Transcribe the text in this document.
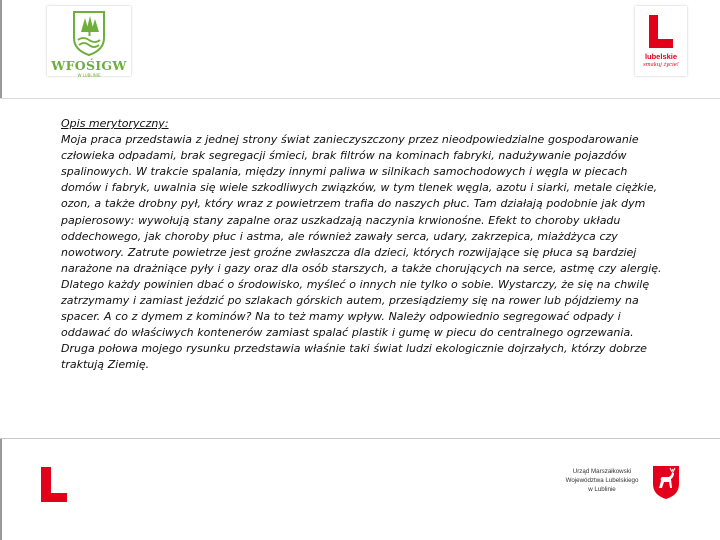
WFOŚIGW
W LUBLINIE
lubelskie
smakuj życie!
Opis merytoryczny:
Moja praca przedstawia z jednej strony świat zanieczyszczony przez nieodpowiedzialne gospodarowanie człowieka odpadami, brak segregacji śmieci, brak filtrów na kominach fabryki, nadużywanie pojazdów spalinowych. W trakcie spalania, między innymi paliwa w silnikach samochodowych i węgla w piecach domów i fabryk, uwalnia się wiele szkodliwych związków, w tym tlenek węgla, azotu i siarki, metale ciężkie, ozon, a także drobny pył, który wraz z powietrzem trafia do naszych płuc. Tam działają podobnie jak dym papierosowy: wywołują stany zapalne oraz uszkadzają naczynia krwionośne. Efekt to choroby układu oddechowego, jak choroby płuc i astma, ale również zawały serca, udary, zakrzepica, miażdżyca czy nowotwory. Zatrute powietrze jest groźne zwłaszcza dla dzieci, których rozwijające się płuca są bardziej narażone na drażniące pyły i gazy oraz dla osób starszych, a także chorujących na serce, astmę czy alergię. Dlatego każdy powinien dbać o środowisko, myśleć o innych nie tylko o sobie. Wystarczy, że się na chwilę zatrzymamy i zamiast jeździć po szlakach górskich autem, przesiądziemy się na rower lub pójdziemy na spacer. A co z dymem z kominów? Na to też mamy wpływ. Należy odpowiednio segregować odpady i oddawać do właściwych kontenerów zamiast spalać plastik i gumę w piecu do centralnego ogrzewania. Druga połowa mojego rysunku przedstawia właśnie taki świat ludzi ekologicznie dojrzałych, którzy dobrze traktują Ziemię.
Urząd Marszałkowski
Województwa Lubelskiego
w Lublinie
